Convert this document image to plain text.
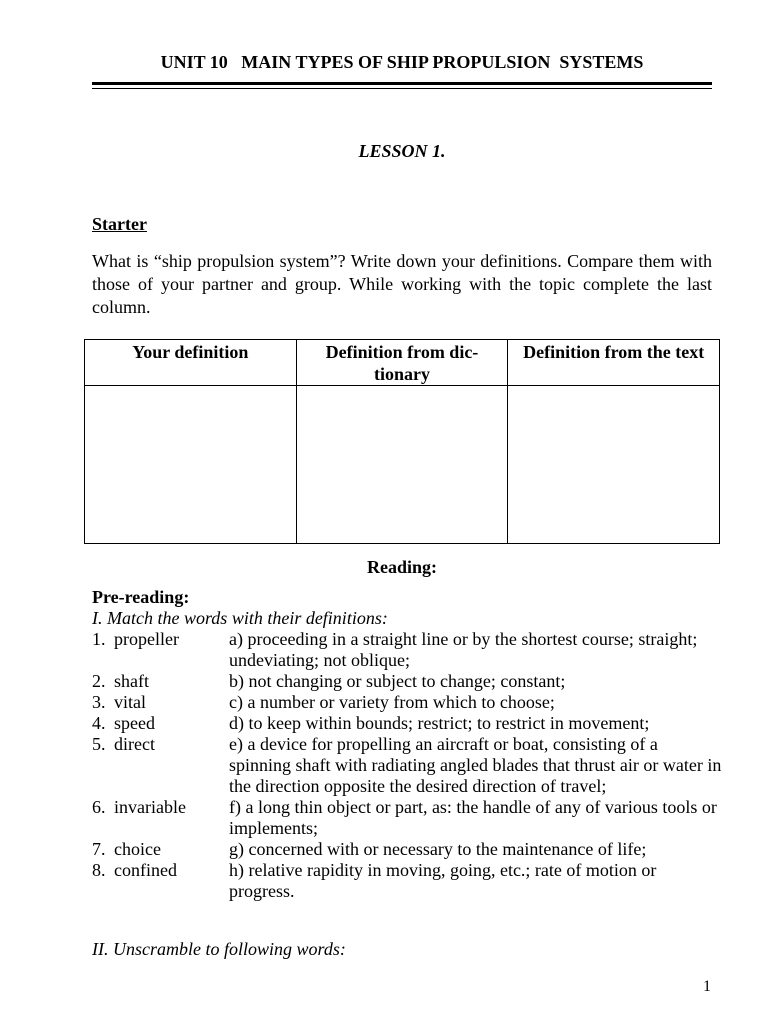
UNIT 10   MAIN TYPES OF SHIP PROPULSION  SYSTEMS
LESSON 1.
Starter
What is “ship propulsion system”? Write down your definitions. Compare them with those of your partner and group. While working with the topic complete the last column.
Your definition	Definition from dic-tionary	Definition from the text

Reading:
Pre-reading:
I. Match the words with their definitions:
1. propeller	a) proceeding in a straight line or by the shortest course; straight; undeviating; not oblique;
2. shaft	b) not changing or subject to change; constant;
3. vital	c) a number or variety from which to choose;
4. speed	d) to keep within bounds; restrict; to restrict in movement;
5. direct	e) a device for propelling an aircraft or boat, consisting of a spinning shaft with radiating angled blades that thrust air or water in the direction opposite the desired direction of travel;
6. invariable	f) a long thin object or part, as: the handle of any of various tools or implements;
7. choice	g) concerned with or necessary to the maintenance of life;
8. confined	h) relative rapidity in moving, going, etc.; rate of motion or progress.
II. Unscramble to following words:
1
